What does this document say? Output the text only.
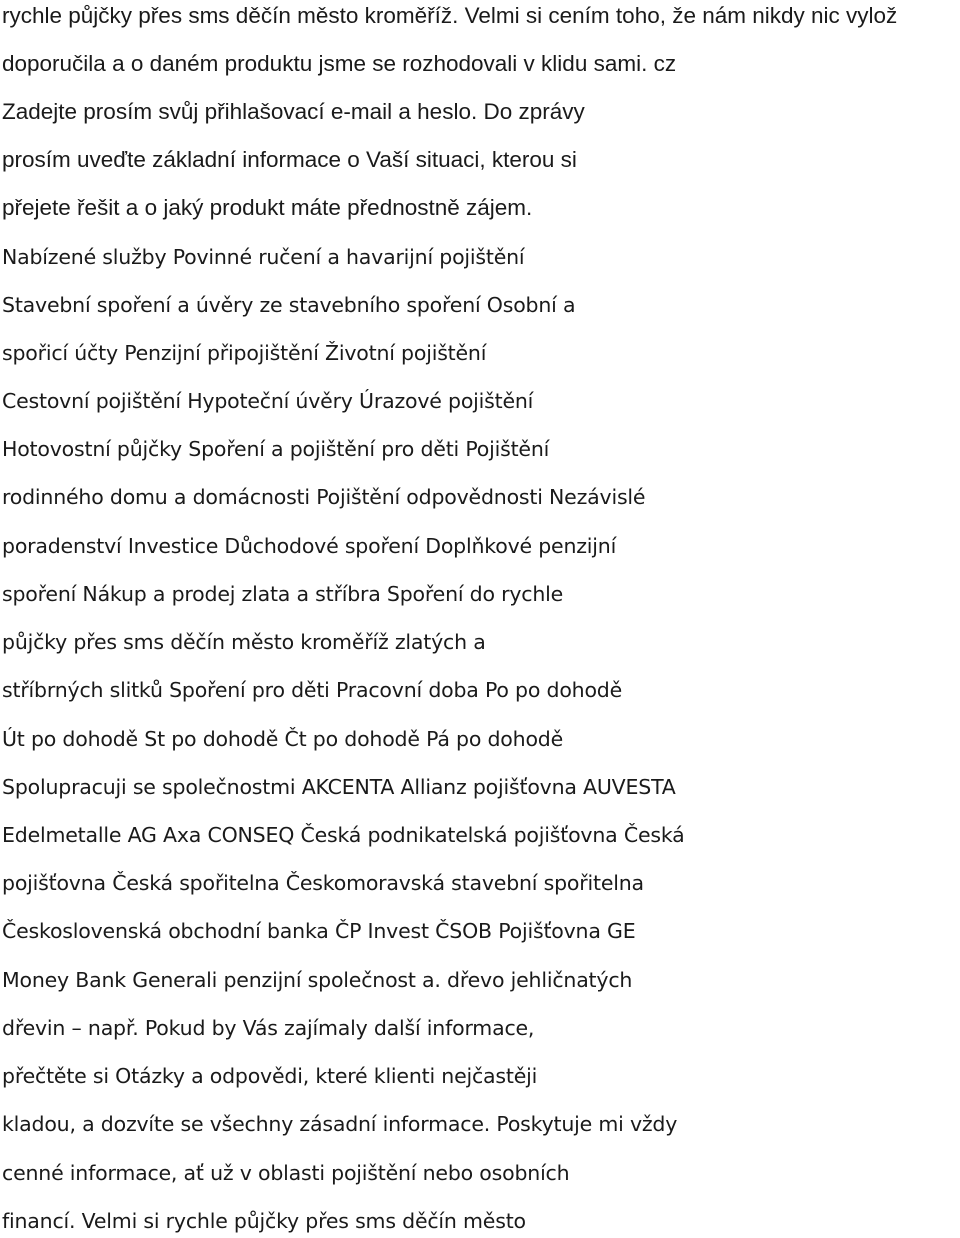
rychle půjčky přes sms děčín město kroměříž. Velmi si cením toho, že nám nikdy nic vylož
doporučila a o daném produktu jsme se rozhodovali v klidu sami. cz
Zadejte prosím svůj přihlašovací e-mail a heslo. Do zprávy
prosím uveďte základní informace o Vaší situaci, kterou si
přejete řešit a o jaký produkt máte přednostně zájem.
Nabízené služby Povinné ručení a havarijní pojištění
Stavební spoření a úvěry ze stavebního spoření Osobní a
spořicí účty Penzijní připojištění Životní pojištění
Cestovní pojištění Hypoteční úvěry Úrazové pojištění
Hotovostní půjčky Spoření a pojištění pro děti Pojištění
rodinného domu a domácnosti Pojištění odpovědnosti Nezávislé
poradenství Investice Důchodové spoření Doplňkové penzijní
spoření Nákup a prodej zlata a stříbra Spoření do rychle
půjčky přes sms děčín město kroměříž zlatých a
stříbrných slitků Spoření pro děti Pracovní doba Po po dohodě
Út po dohodě St po dohodě Čt po dohodě Pá po dohodě
Spolupracuji se společnostmi AKCENTA Allianz pojišťovna AUVESTA
Edelmetalle AG Axa CONSEQ Česká podnikatelská pojišťovna Česká
pojišťovna Česká spořitelna Českomoravská stavební spořitelna
Československá obchodní banka ČP Invest ČSOB Pojišťovna GE
Money Bank Generali penzijní společnost a. dřevo jehličnatých
dřevin – např. Pokud by Vás zajímaly další informace,
přečtěte si Otázky a odpovědi, které klienti nejčastěji
kladou, a dozvíte se všechny zásadní informace. Poskytuje mi vždy
cenné informace, ať už v oblasti pojištění nebo osobních
financí. Velmi si rychle půjčky přes sms děčín město
